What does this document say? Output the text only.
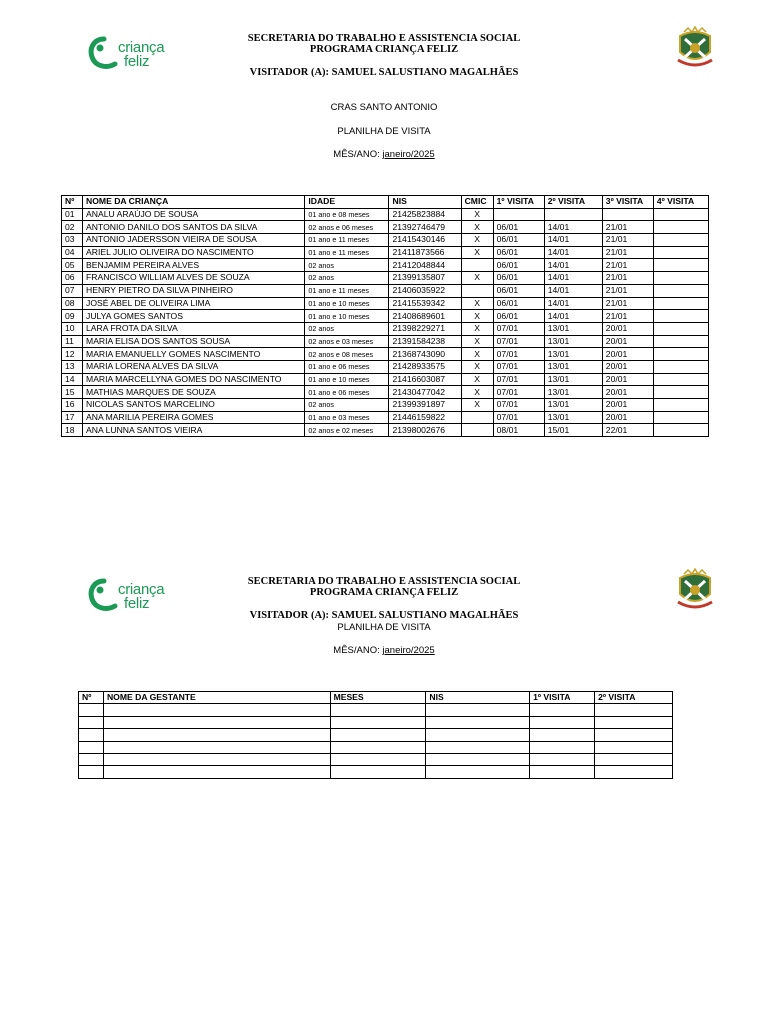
criança
feliz
SECRETARIA DO TRABALHO E ASSISTENCIA SOCIAL
PROGRAMA CRIANÇA FELIZ
VISITADOR (A): SAMUEL SALUSTIANO MAGALHÃES
CRAS SANTO ANTONIO
PLANILHA DE VISITA
MÊS/ANO: janeiro/2025
Nº	NOME DA CRIANÇA	IDADE	NIS	CMIC	1º VISITA	2º VISITA	3º VISITA	4º VISITA
01	ANALU ARAÚJO DE SOUSA	01 ano e 08 meses	21425823884	X				
02	ANTONIO DANILO DOS SANTOS DA SILVA	02 anos e 06 meses	21392746479	X	06/01	14/01	21/01	
03	ANTONIO JADERSSON VIEIRA DE SOUSA	01 ano e 11 meses	21415430146	X	06/01	14/01	21/01	
04	ARIEL JULIO OLIVEIRA DO NASCIMENTO	01 ano e 11 meses	21411873566	X	06/01	14/01	21/01	
05	BENJAMIM PEREIRA ALVES	02 anos	21412048844		06/01	14/01	21/01	
06	FRANCISCO WILLIAM ALVES DE SOUZA	02 anos	21399135807	X	06/01	14/01	21/01	
07	HENRY PIETRO DA SILVA PINHEIRO	01 ano e 11 meses	21406035922		06/01	14/01	21/01	
08	JOSÉ ABEL DE OLIVEIRA LIMA	01 ano e 10 meses	21415539342	X	06/01	14/01	21/01	
09	JULYA GOMES SANTOS	01 ano e 10 meses	21408689601	X	06/01	14/01	21/01	
10	LARA FROTA DA SILVA	02 anos	21398229271	X	07/01	13/01	20/01	
11	MARIA ELISA DOS SANTOS SOUSA	02 anos e 03 meses	21391584238	X	07/01	13/01	20/01	
12	MARIA EMANUELLY GOMES NASCIMENTO	02 anos e 08 meses	21368743090	X	07/01	13/01	20/01	
13	MARIA LORENA ALVES DA SILVA	01 ano e 06 meses	21428933575	X	07/01	13/01	20/01	
14	MARIA MARCELLYNA GOMES DO NASCIMENTO	01 ano e 10 meses	21416603087	X	07/01	13/01	20/01	
15	MATHIAS MARQUES DE SOUZA	01 ano e 06 meses	21430477042	X	07/01	13/01	20/01	
16	NICOLAS SANTOS MARCELINO	02 anos	21399391897	X	07/01	13/01	20/01	
17	ANA MARILIA PEREIRA GOMES	01 ano e 03 meses	21446159822		07/01	13/01	20/01	
18	ANA LUNNA SANTOS VIEIRA	02 anos e 02 meses	21398002676		08/01	15/01	22/01	
criança
feliz
SECRETARIA DO TRABALHO E ASSISTENCIA SOCIAL
PROGRAMA CRIANÇA FELIZ
VISITADOR (A): SAMUEL SALUSTIANO MAGALHÃES
PLANILHA DE VISITA
MÊS/ANO: janeiro/2025
Nº	NOME DA GESTANTE	MESES	NIS	1º VISITA	2º VISITA
